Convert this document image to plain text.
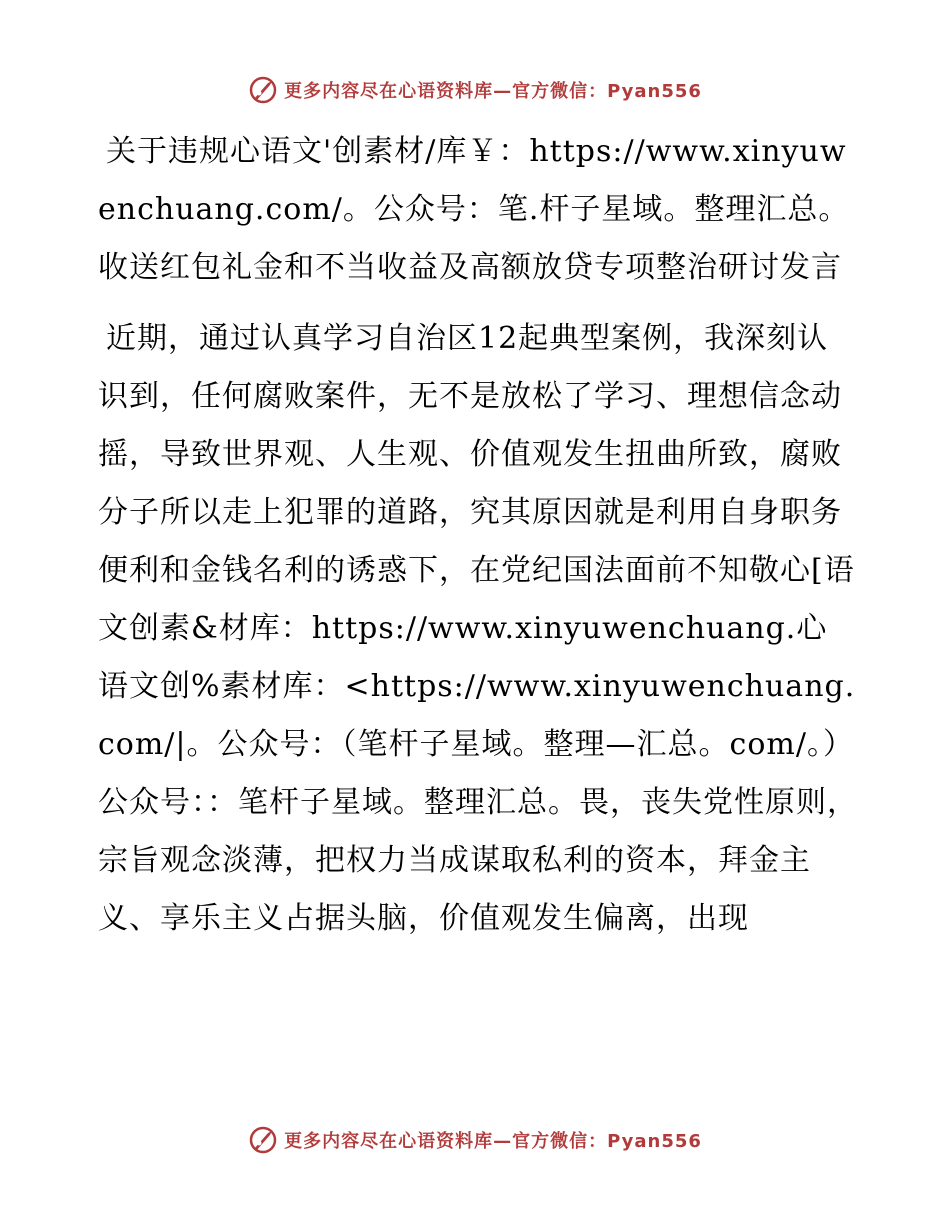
更多内容尽在心语资料库—官方微信：Pyan556

关于违规心语文'创素材/库￥：https://www.xinyuwenchuang.com/。公众号：笔.杆子星域。整理汇总。收送红包礼金和不当收益及高额放贷专项整治研讨发言

近期，通过认真学习自治区12起典型案例，我深刻认识到，任何腐败案件，无不是放松了学习、理想信念动摇，导致世界观、人生观、价值观发生扭曲所致，腐败分子所以走上犯罪的道路，究其原因就是利用自身职务便利和金钱名利的诱惑下，在党纪国法面前不知敬心[语文创素&材库：https://www.xinyuwenchuang.心语文创%素材库：<https://www.xinyuwenchuang.com/|。公众号：（笔杆子星域。整理—汇总。com/。）公众号：：笔杆子星域。整理汇总。畏，丧失党性原则，宗旨观念淡薄，把权力当成谋取私利的资本，拜金主义、享乐主义占据头脑，价值观发生偏离，出现

更多内容尽在心语资料库—官方微信：Pyan556
